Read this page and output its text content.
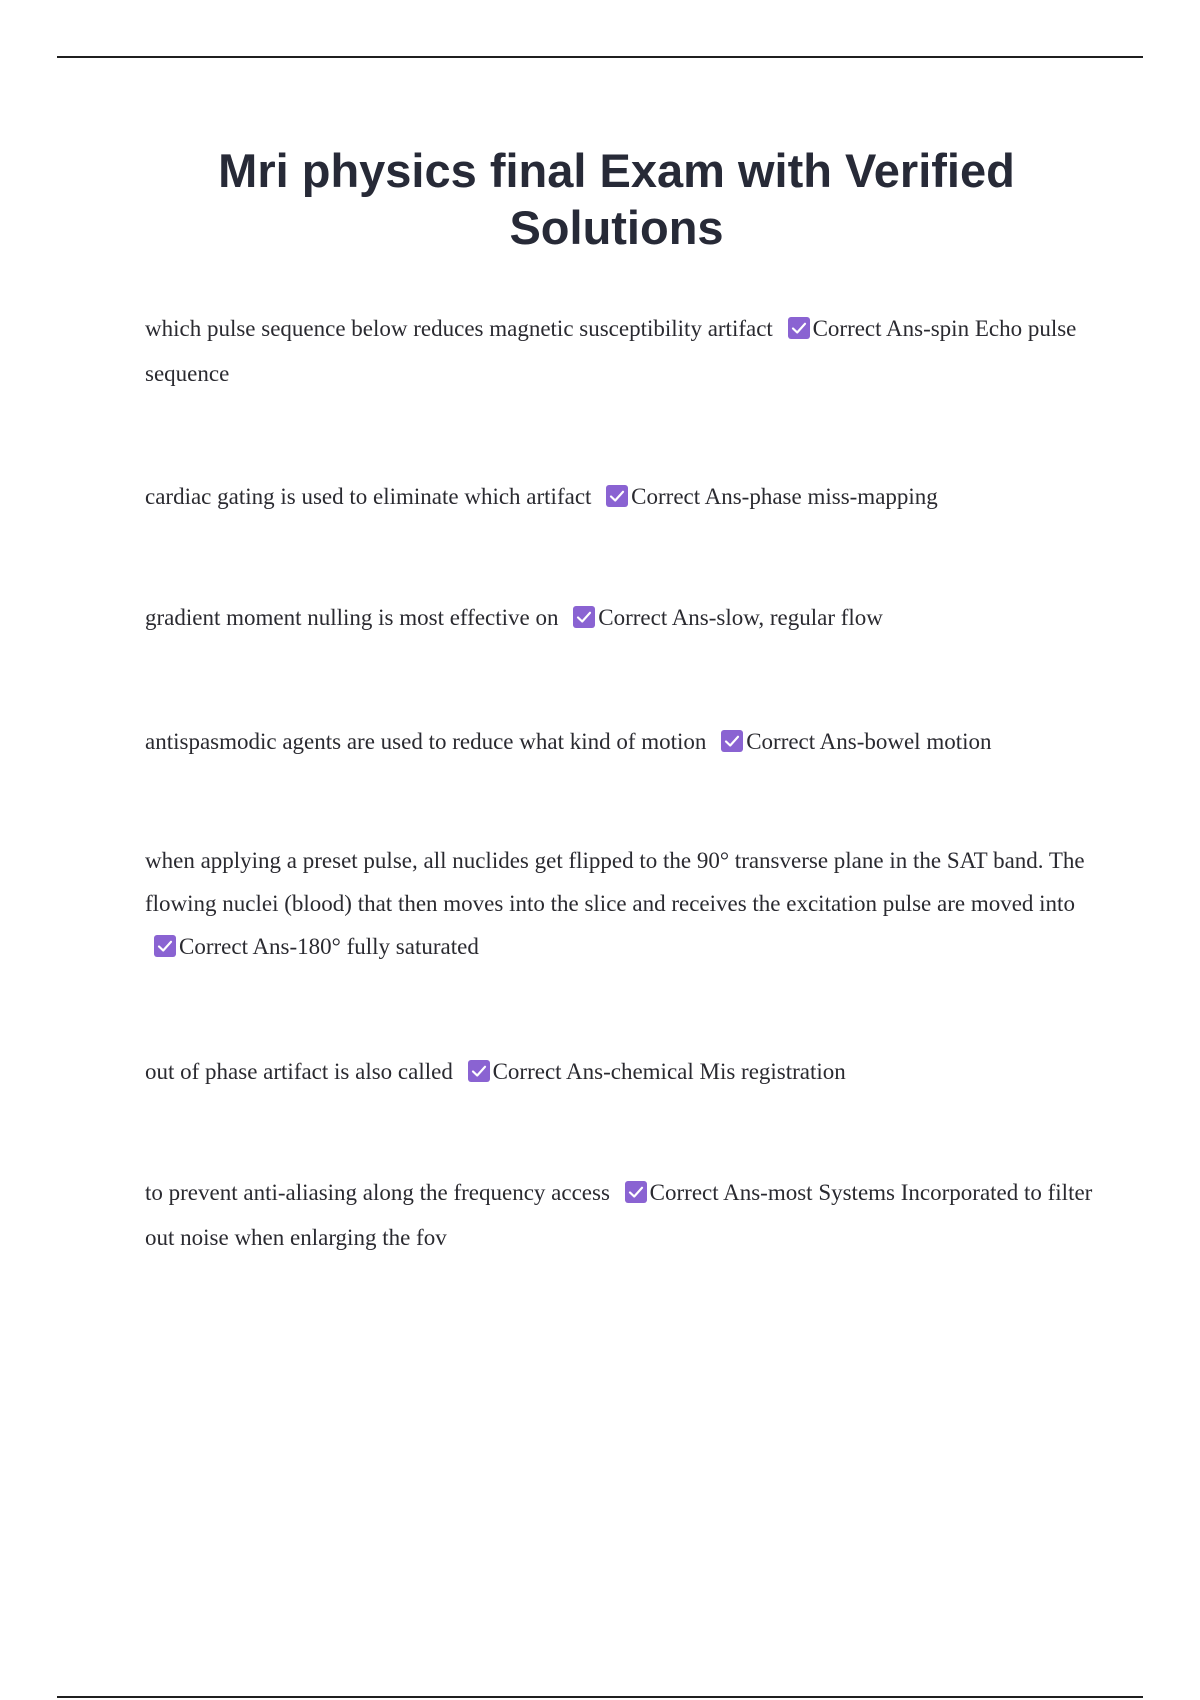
Mri physics final Exam with Verified Solutions

which pulse sequence below reduces magnetic susceptibility artifact Correct Ans-spin Echo pulse sequence

cardiac gating is used to eliminate which artifact Correct Ans-phase miss-mapping

gradient moment nulling is most effective on Correct Ans-slow, regular flow

antispasmodic agents are used to reduce what kind of motion Correct Ans-bowel motion

when applying a preset pulse, all nuclides get flipped to the 90° transverse plane in the SAT band. The flowing nuclei (blood) that then moves into the slice and receives the excitation pulse are moved into
Correct Ans-180° fully saturated

out of phase artifact is also called Correct Ans-chemical Mis registration

to prevent anti-aliasing along the frequency access Correct Ans-most Systems Incorporated to filter out noise when enlarging the fov
